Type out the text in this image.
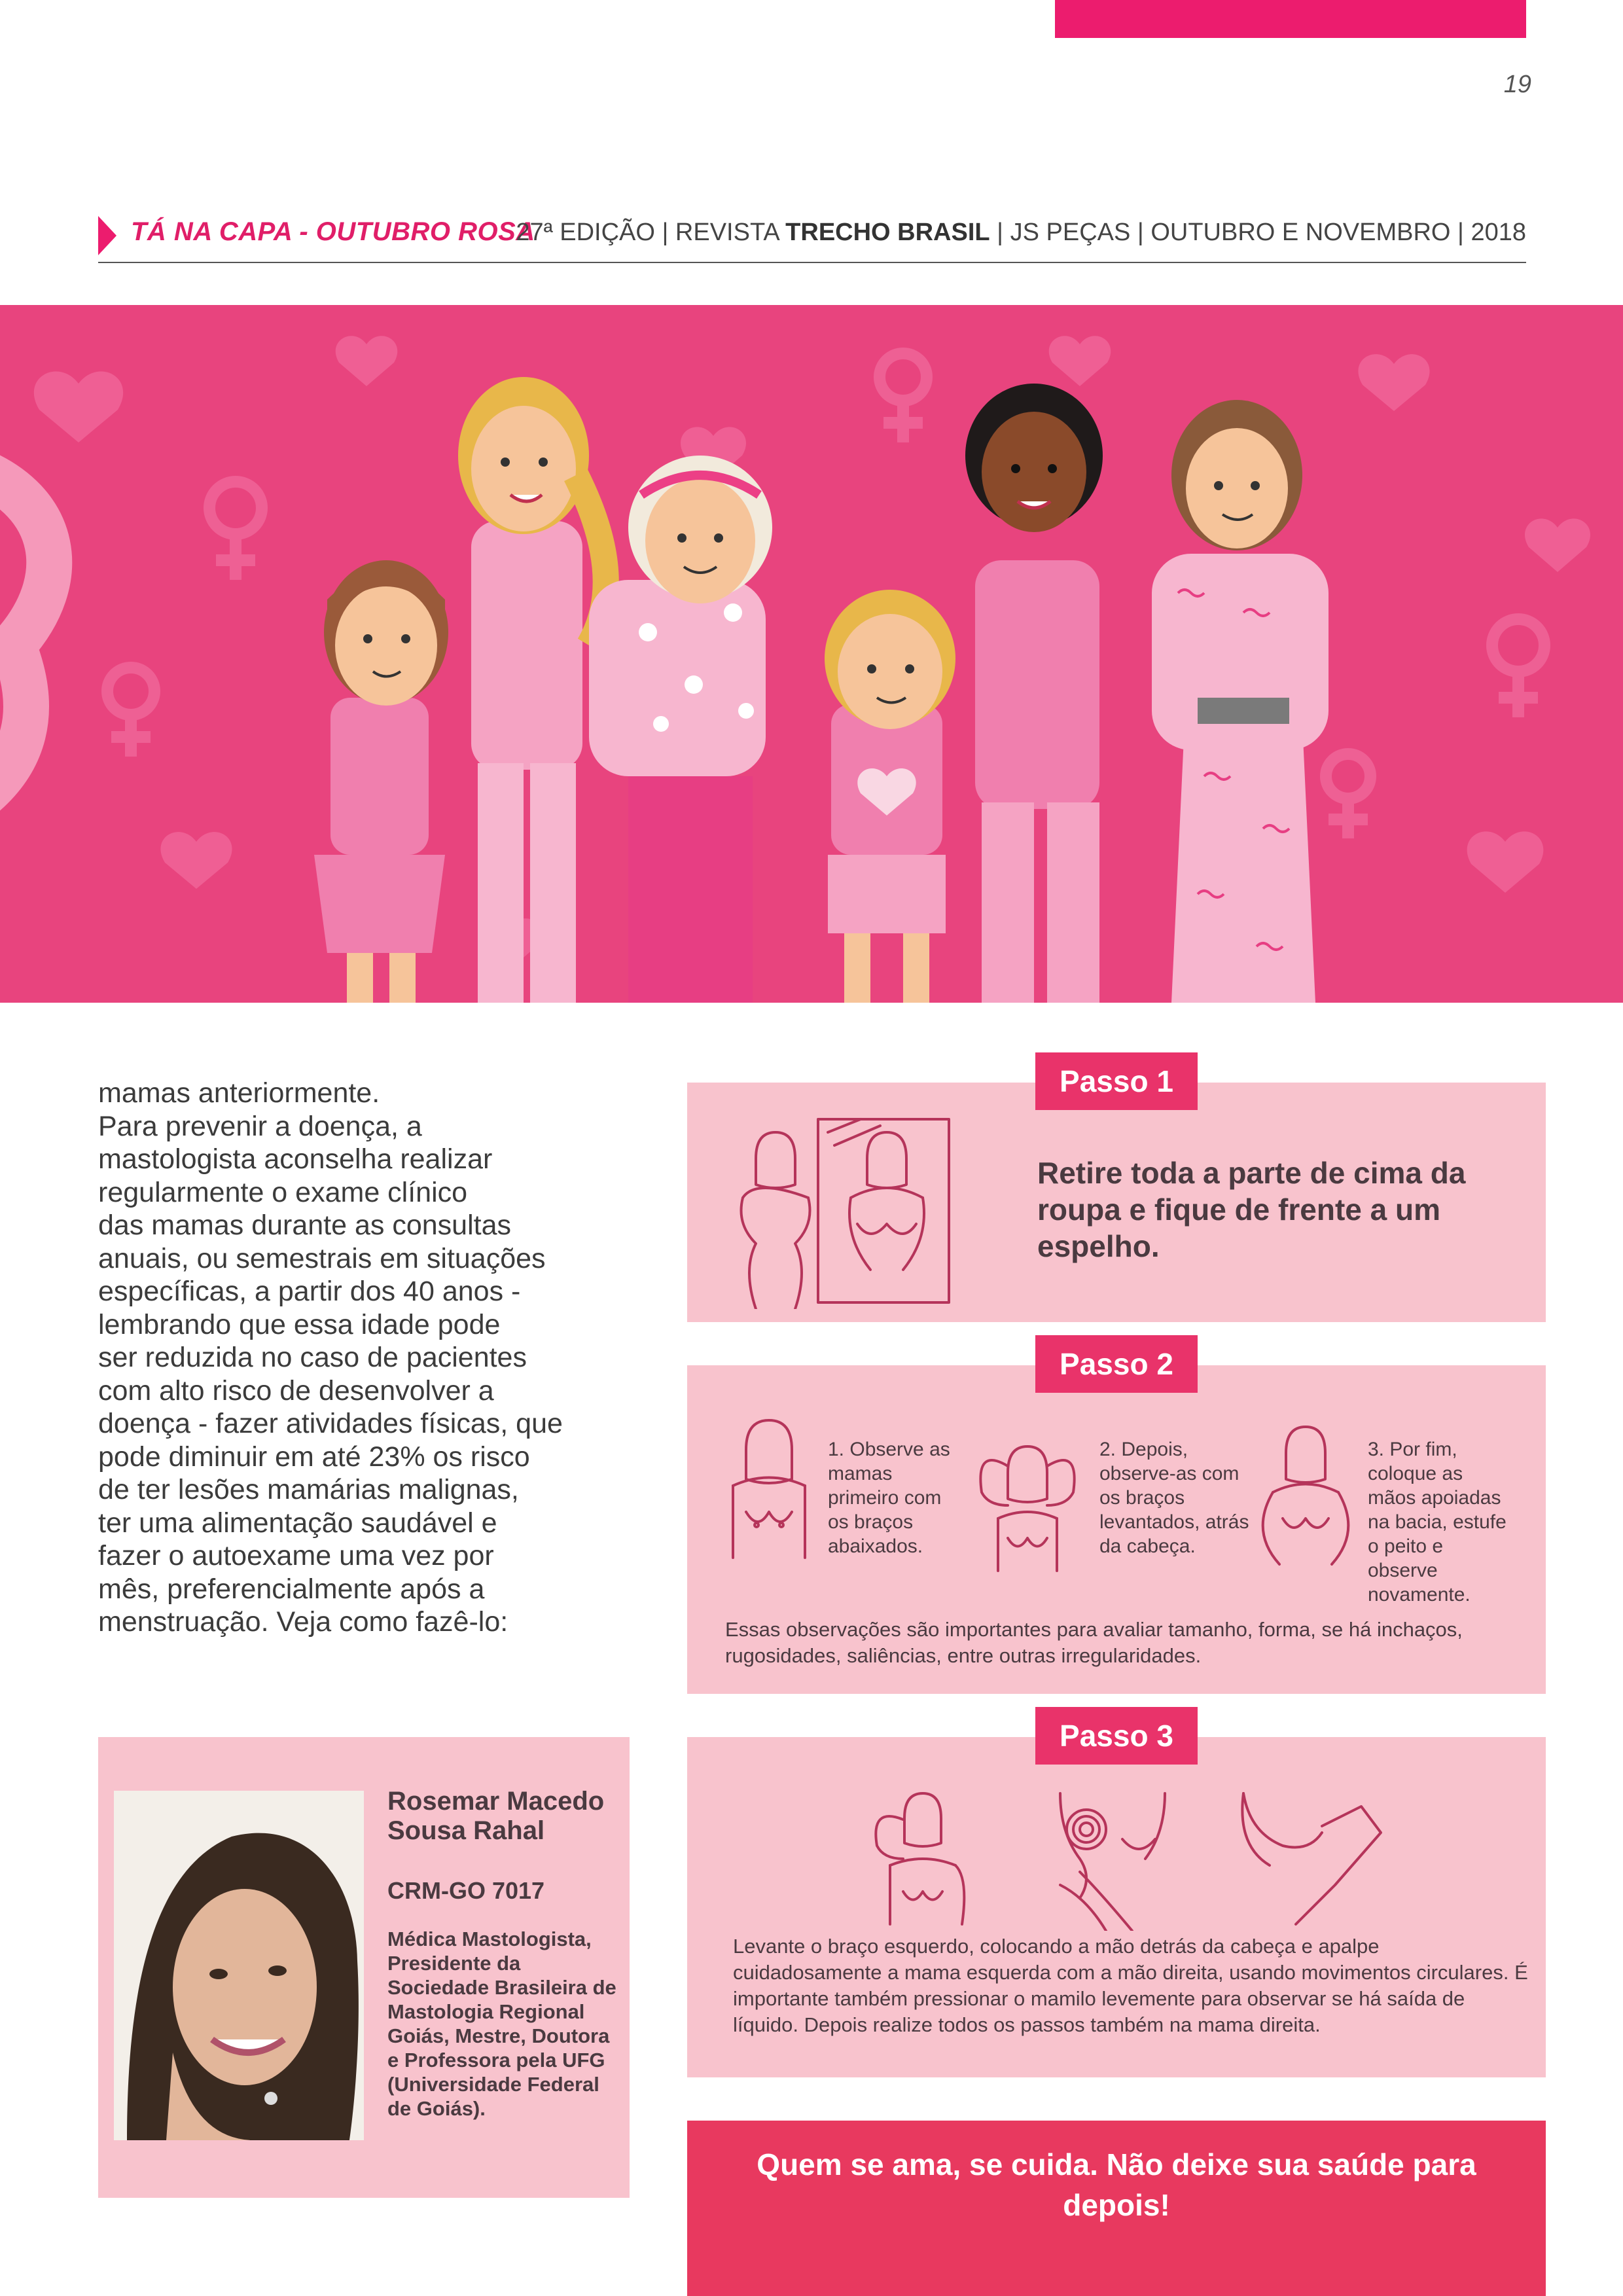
19
TÁ NA CAPA - OUTUBRO ROSA
27ª EDIÇÃO | REVISTA TRECHO BRASIL | JS PEÇAS | OUTUBRO E NOVEMBRO | 2018
mamas anteriormente.
Para prevenir a doença, a
mastologista aconselha realizar
regularmente o exame clínico
das mamas durante as consultas
anuais, ou semestrais em situações
específicas, a partir dos 40 anos -
lembrando que essa idade pode
ser reduzida no caso de pacientes
com alto risco de desenvolver a
doença - fazer atividades físicas, que
pode diminuir em até 23% os risco
de ter lesões mamárias malignas,
ter uma alimentação saudável e
fazer o autoexame uma vez por
mês, preferencialmente após a
menstruação. Veja como fazê-lo:
Passo 1
Retire toda a parte de cima da roupa e fique de frente a um espelho.
Passo 2
1. Observe as mamas primeiro com os braços abaixados.
2. Depois, observe-as com os braços levantados, atrás da cabeça.
3. Por fim, coloque as mãos apoiadas na bacia, estufe o peito e observe novamente.
Essas observações são importantes para avaliar tamanho, forma, se há inchaços, rugosidades, saliências, entre outras irregularidades.
Passo 3
Levante o braço esquerdo, colocando a mão detrás da cabeça e apalpe cuidadosamente a mama esquerda com a mão direita, usando movimentos circulares. É importante também pressionar o mamilo levemente para observar se há saída de líquido. Depois realize todos os passos também na mama direita.
Rosemar Macedo Sousa Rahal
CRM-GO 7017
Médica Mastologista, Presidente da Sociedade Brasileira de Mastologia Regional Goiás, Mestre, Doutora e Professora pela UFG (Universidade Federal de Goiás).
Quem se ama, se cuida. Não deixe sua saúde para depois!
